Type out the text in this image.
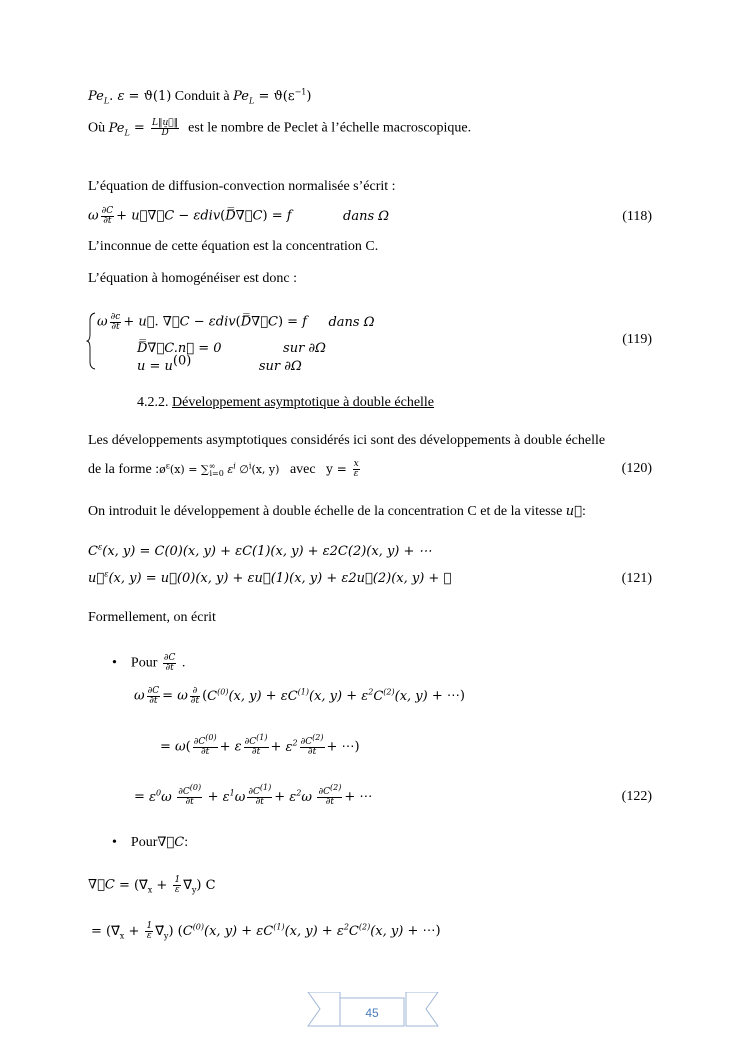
$Pe_L$. ε = ϑ(1) Conduit à $Pe_L = ϑ(\varepsilon^{-1})$
Où $Pe_L = \frac{L‖u⃗‖}{D̄}$ est le nombre de Peclet à l’échelle macroscopique.
L’équation de diffusion-convection normalisée s’écrit :
ω $\frac{\partial C}{\partial t}$ + u⃗∇⃗C − εdiv(D̿∇⃗C) = f	dans Ω	(118)
L’inconnue de cette équation est la concentration C.
L’équation à homogénéiser est donc :
ω $\frac{\partial c}{\partial t}$ + u⃗. ∇⃗C − εdiv(D̿∇⃗C) = f dans Ω
D̿∇⃗C.n⃗ = 0	sur ∂Ω
$u = u^{(0)}$	sur ∂Ω
(119)
4.2.2. Développement asymptotique à double échelle
Les développements asymptotiques considérés ici sont des développements à double échelle
de la forme $:ø^\varepsilon(x) = \sum^\infty_{i=0}$ $\varepsilon^i$ ∅$^i$(x, y) avec $y = \frac{x}{\varepsilon}$	(120)
On introduit le développement à double échelle de la concentration C et de la vitesse u⃗:
$C^\varepsilon(x$, y) = C(0)(x, y) + εC(1)(x, y) + ε2C(2)(x, y) + ⋯
u⃗$^\varepsilon$(x, y) = u⃗(0)(x, y) + εu⃗(1)(x, y) + ε2u⃗(2)(x, y) + ⋯	(121)
Formellement, on écrit
• Pour $\frac{\partial C}{\partial t}$ .
ω $\frac{\partial C}{\partial t} = \omega \frac{\partial}{\partial t} (C^{(0)}(x$, $y) + \varepsilon C^{(1)}(x$, $y) + \varepsilon^2C^{(2)}(x$, y) + ⋯)
= $\omega( \frac{\partial C^{(0)}}{\partial t} + \varepsilon \frac{\partial C^{(1)}}{\partial t} + \varepsilon^2 \frac{\partial C^{(2)}}{\partial t}$ + ⋯)
= $\varepsilon^0\omega \frac{\partial C^{(0)}}{\partial t} + \varepsilon^1\omega \frac{\partial C^{(1)}}{\partial t} + \varepsilon^2\omega \frac{\partial C^{(2)}}{\partial t}$ + ⋯	(122)
• Pour∇⃗C:
∇⃗C = ($\nabla⃗_x + \frac{1}{\varepsilon}$ $\nabla⃗_y$) C
= ($\nabla⃗_x + \frac{1}{\varepsilon}$ $\nabla⃗_y$) ($C^{(0)}(x$, $y) + \varepsilon C^{(1)}(x$, $y) + \varepsilon^2C^{(2)}(x$, y) + ⋯)
45
